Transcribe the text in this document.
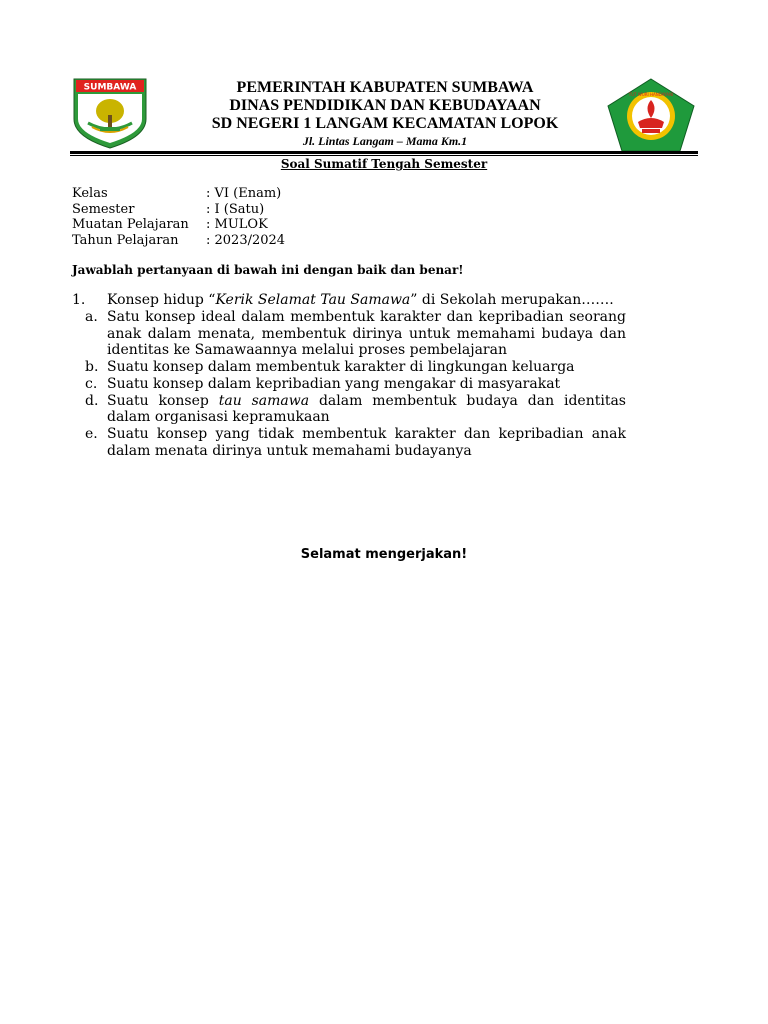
SUMBAWA
TUT WURI HANDAYANI
PEMERINTAH KABUPATEN SUMBAWA
DINAS PENDIDIKAN DAN KEBUDAYAAN
SD NEGERI 1 LANGAM KECAMATAN LOPOK
Jl. Lintas Langam – Mama Km.1
Soal Sumatif Tengah Semester
Kelas	: VI (Enam)
Semester	: I (Satu)
Muatan Pelajaran : MULOK
Tahun Pelajaran : 2023/2024
Jawablah pertanyaan di bawah ini dengan baik dan benar!
1. Konsep hidup “Kerik Selamat Tau Samawa” di Sekolah merupakan…….
a. Satu konsep ideal dalam membentuk karakter dan kepribadian seorang anak dalam menata, membentuk dirinya untuk memahami budaya dan identitas ke Samawaannya melalui proses pembelajaran
b. Suatu konsep dalam membentuk karakter di lingkungan keluarga
c. Suatu konsep dalam kepribadian yang mengakar di masyarakat
d. Suatu konsep tau samawa dalam membentuk budaya dan identitas dalam organisasi kepramukaan
e. Suatu konsep yang tidak membentuk karakter dan kepribadian anak dalam menata dirinya untuk memahami budayanya
Selamat mengerjakan!
